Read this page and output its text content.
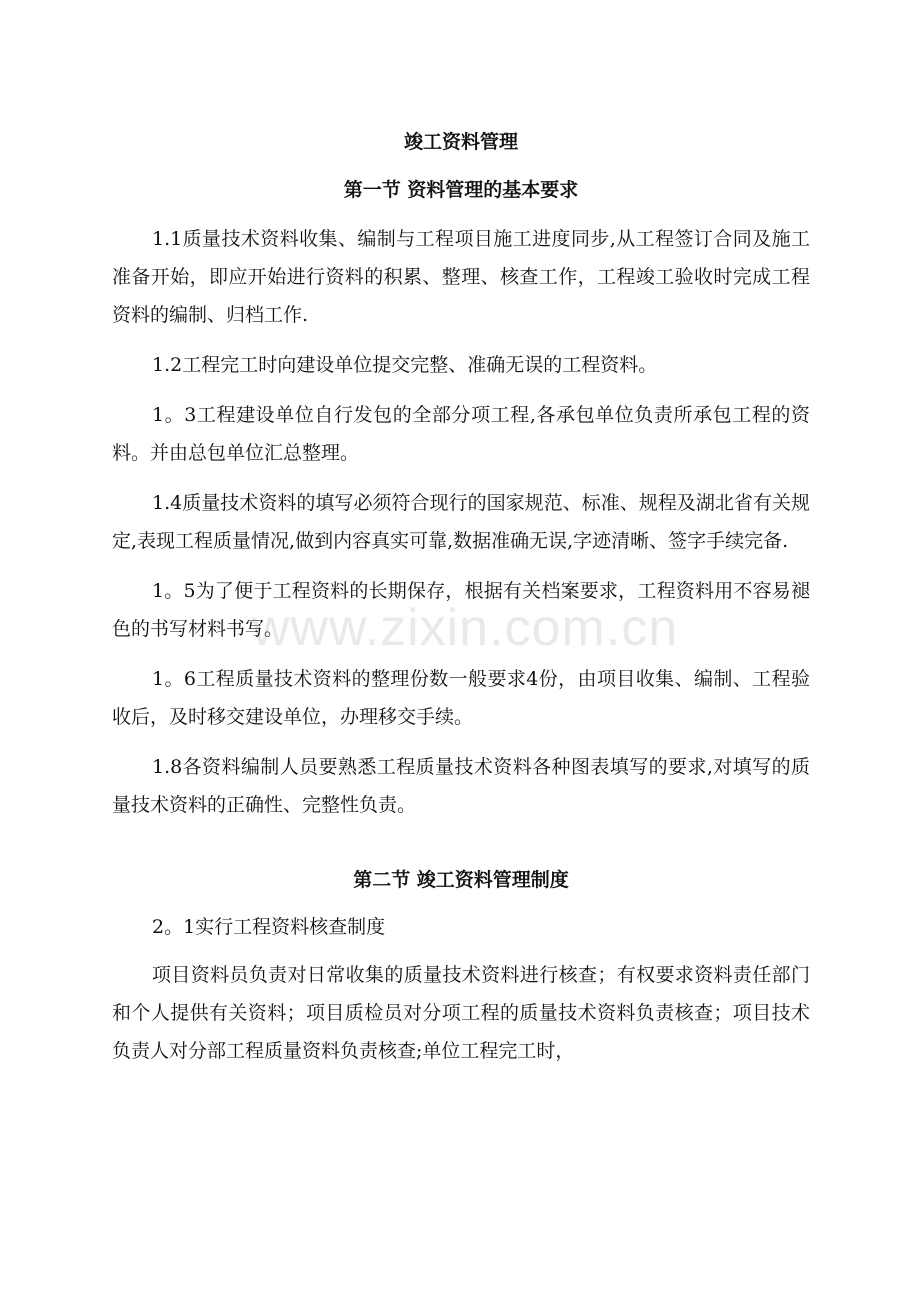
www.zixin.com.cn
竣工资料管理
第一节 资料管理的基本要求

1.1质量技术资料收集、编制与工程项目施工进度同步,从工程签订合同及施工准备开始，即应开始进行资料的积累、整理、核查工作，工程竣工验收时完成工程资料的编制、归档工作.

1.2工程完工时向建设单位提交完整、准确无误的工程资料。

1。3工程建设单位自行发包的全部分项工程,各承包单位负责所承包工程的资料。并由总包单位汇总整理。

1.4质量技术资料的填写必须符合现行的国家规范、标准、规程及湖北省有关规定,表现工程质量情况,做到内容真实可靠,数据准确无误,字迹清晰、签字手续完备.

1。5为了便于工程资料的长期保存，根据有关档案要求，工程资料用不容易褪色的书写材料书写。

1。6工程质量技术资料的整理份数一般要求4份，由项目收集、编制、工程验收后，及时移交建设单位，办理移交手续。

1.8各资料编制人员要熟悉工程质量技术资料各种图表填写的要求,对填写的质量技术资料的正确性、完整性负责。

第二节 竣工资料管理制度

2。1实行工程资料核查制度

项目资料员负责对日常收集的质量技术资料进行核查；有权要求资料责任部门和个人提供有关资料；项目质检员对分项工程的质量技术资料负责核查；项目技术负责人对分部工程质量资料负责核查;单位工程完工时，
